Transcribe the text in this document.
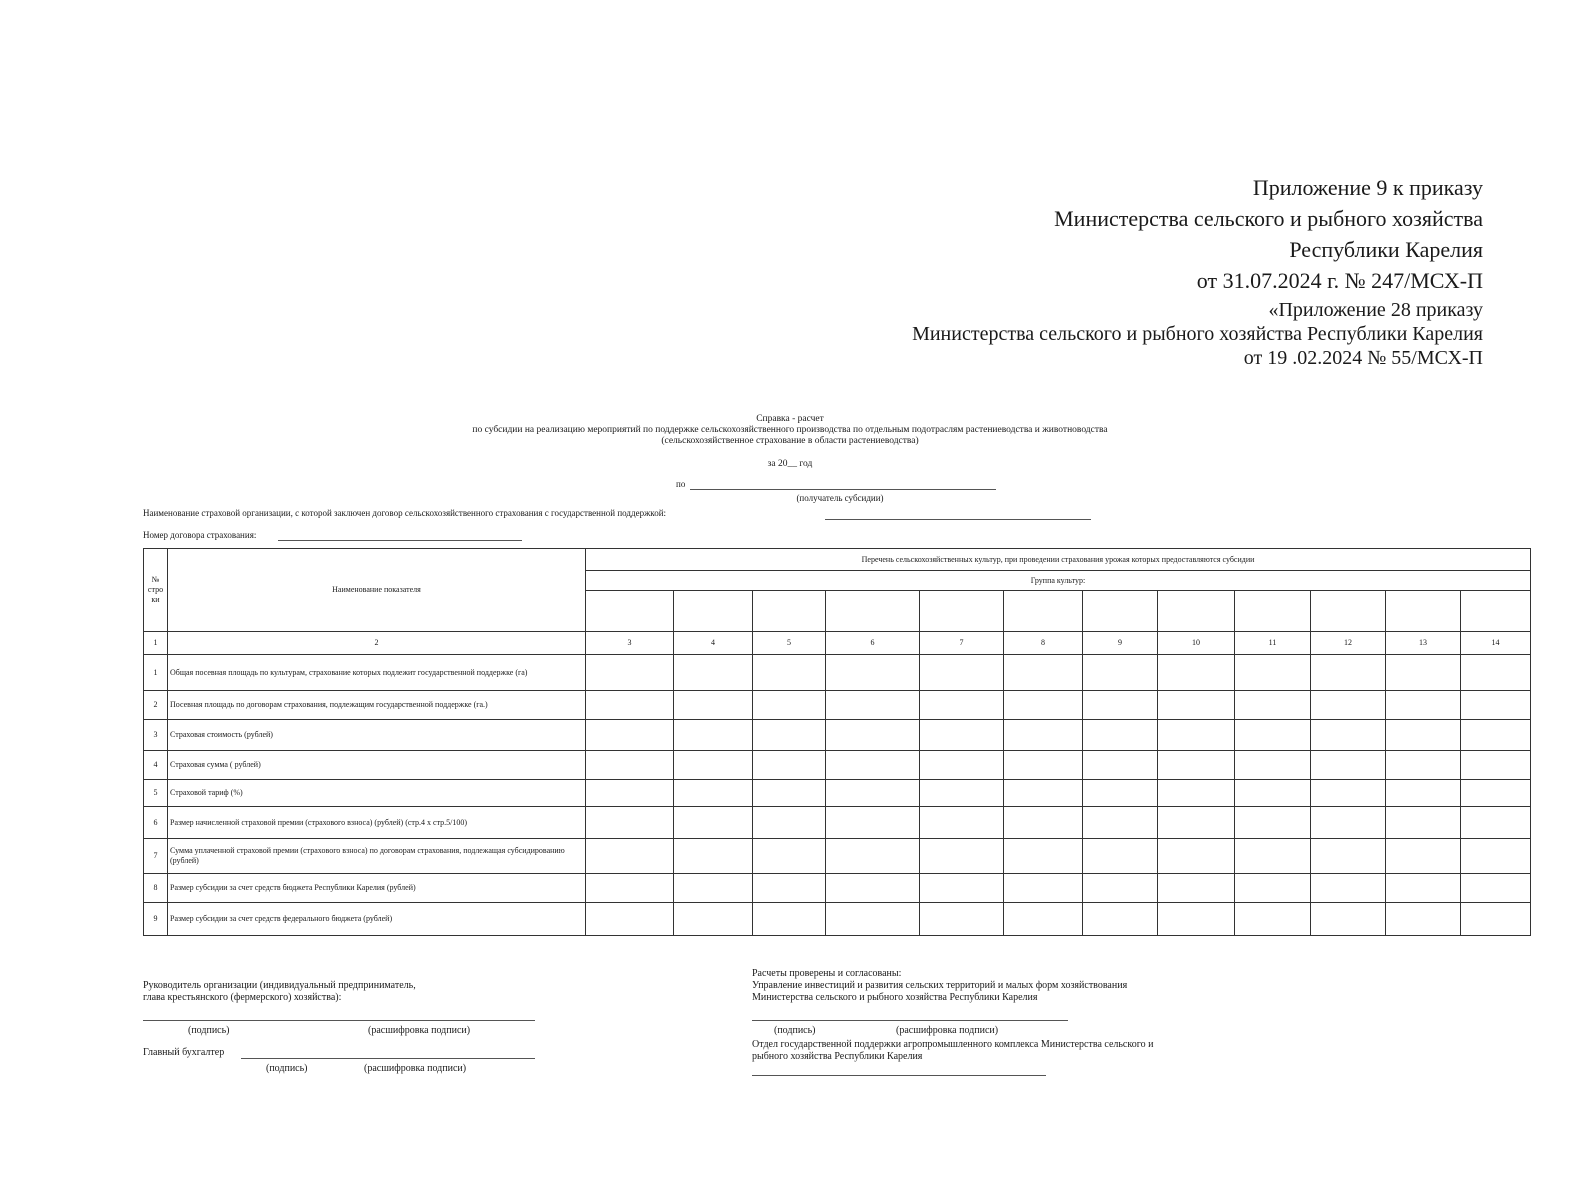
Приложение 9 к приказу
Министерства сельского и рыбного хозяйства
Республики Карелия
от 31.07.2024 г. № 247/МСХ-П
«Приложение 28 приказу
Министерства сельского и рыбного хозяйства Республики Карелия
от 19 .02.2024 № 55/МСХ-П
Справка - расчет
по субсидии на реализацию мероприятий по поддержке сельскохозяйственного производства по отдельным подотраслям растениеводства и животноводства
(сельскохозяйственное страхование в области растениеводства)
за 20__ год
по
(получатель субсидии)
Наименование страховой организации, с которой заключен договор сельскохозяйственного страхования с государственной поддержкой:
Номер договора страхования:
№ стро ки	Наименование показателя	Перечень сельскохозяйственных культур, при проведении страхования урожая которых предоставляются субсидии											
		Группа культур:											

1	2	3	4	5	6	7	8	9	10	11	12	13	14
1	Общая посевная площадь по культурам, страхование которых подлежит государственной поддержке (га)												
2	Посевная площадь по договорам страхования, подлежащим государственной поддержке (га.)												
3	Страховая стоимость (рублей)												
4	Страховая сумма ( рублей)												
5	Страховой тариф (%)												
6	Размер начисленной страховой премии (страхового взноса) (рублей) (стр.4 х стр.5/100)												
7	Сумма уплаченной страховой премии (страхового взноса) по договорам страхования, подлежащая субсидированию (рублей)												
8	Размер субсидии за счет средств бюджета Республики Карелия (рублей)												
9	Размер субсидии за счет средств федерального бюджета (рублей)												
Руководитель организации (индивидуальный предприниматель,
глава крестьянского (фермерского) хозяйства):
(подпись)	(расшифровка подписи)
Главный бухгалтер
(подпись)	(расшифровка подписи)
Расчеты проверены и согласованы:
Управление инвестиций и развития сельских территорий и малых форм хозяйствования
Министерства сельского и рыбного хозяйства Республики Карелия
(подпись)	(расшифровка подписи)
Отдел государственной поддержки агропромышленного комплекса Министерства сельского и
рыбного хозяйства Республики Карелия
